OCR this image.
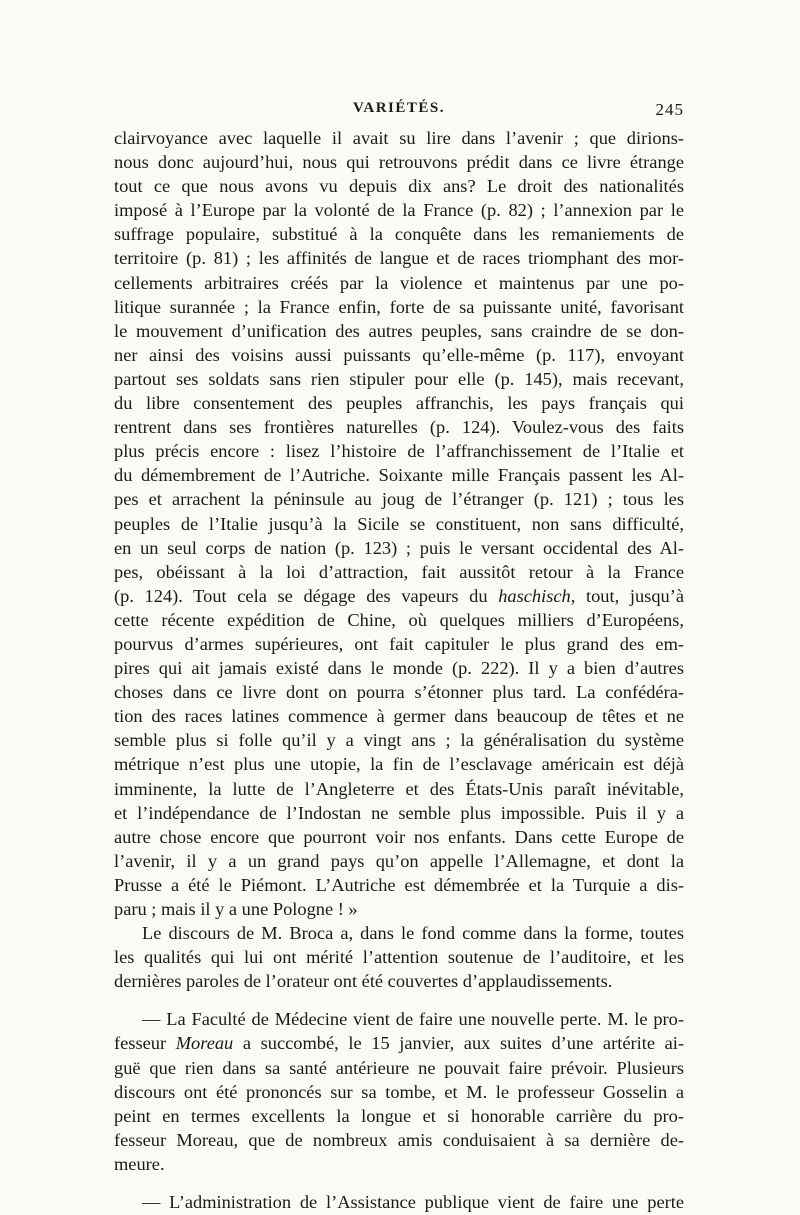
VARIÉTÉS.	245
clairvoyance avec laquelle il avait su lire dans l’avenir ; que dirions-
nous donc aujourd’hui, nous qui retrouvons prédit dans ce livre étrange
tout ce que nous avons vu depuis dix ans? Le droit des nationalités
imposé à l’Europe par la volonté de la France (p. 82) ; l’annexion par le
suffrage populaire, substitué à la conquête dans les remaniements de
territoire (p. 81) ; les affinités de langue et de races triomphant des mor-
cellements arbitraires créés par la violence et maintenus par une po-
litique surannée ; la France enfin, forte de sa puissante unité, favorisant
le mouvement d’unification des autres peuples, sans craindre de se don-
ner ainsi des voisins aussi puissants qu’elle-même (p. 117), envoyant
partout ses soldats sans rien stipuler pour elle (p. 145), mais recevant,
du libre consentement des peuples affranchis, les pays français qui
rentrent dans ses frontières naturelles (p. 124). Voulez-vous des faits
plus précis encore : lisez l’histoire de l’affranchissement de l’Italie et
du démembrement de l’Autriche. Soixante mille Français passent les Al-
pes et arrachent la péninsule au joug de l’étranger (p. 121) ; tous les
peuples de l’Italie jusqu’à la Sicile se constituent, non sans difficulté,
en un seul corps de nation (p. 123) ; puis le versant occidental des Al-
pes, obéissant à la loi d’attraction, fait aussitôt retour à la France
(p. 124). Tout cela se dégage des vapeurs du haschisch, tout, jusqu’à
cette récente expédition de Chine, où quelques milliers d’Européens,
pourvus d’armes supérieures, ont fait capituler le plus grand des em-
pires qui ait jamais existé dans le monde (p. 222). Il y a bien d’autres
choses dans ce livre dont on pourra s’étonner plus tard. La confédéra-
tion des races latines commence à germer dans beaucoup de têtes et ne
semble plus si folle qu’il y a vingt ans ; la généralisation du système
métrique n’est plus une utopie, la fin de l’esclavage américain est déjà
imminente, la lutte de l’Angleterre et des États-Unis paraît inévitable,
et l’indépendance de l’Indostan ne semble plus impossible. Puis il y a
autre chose encore que pourront voir nos enfants. Dans cette Europe de
l’avenir, il y a un grand pays qu’on appelle l’Allemagne, et dont la
Prusse a été le Piémont. L’Autriche est démembrée et la Turquie a dis-
paru ; mais il y a une Pologne ! »
Le discours de M. Broca a, dans le fond comme dans la forme, toutes
les qualités qui lui ont mérité l’attention soutenue de l’auditoire, et les
dernières paroles de l’orateur ont été couvertes d’applaudissements.
— La Faculté de Médecine vient de faire une nouvelle perte. M. le pro-
fesseur Moreau a succombé, le 15 janvier, aux suites d’une artérite ai-
guë que rien dans sa santé antérieure ne pouvait faire prévoir. Plusieurs
discours ont été prononcés sur sa tombe, et M. le professeur Gosselin a
peint en termes excellents la longue et si honorable carrière du pro-
fesseur Moreau, que de nombreux amis conduisaient à sa dernière de-
meure.
— L’administration de l’Assistance publique vient de faire une perte
